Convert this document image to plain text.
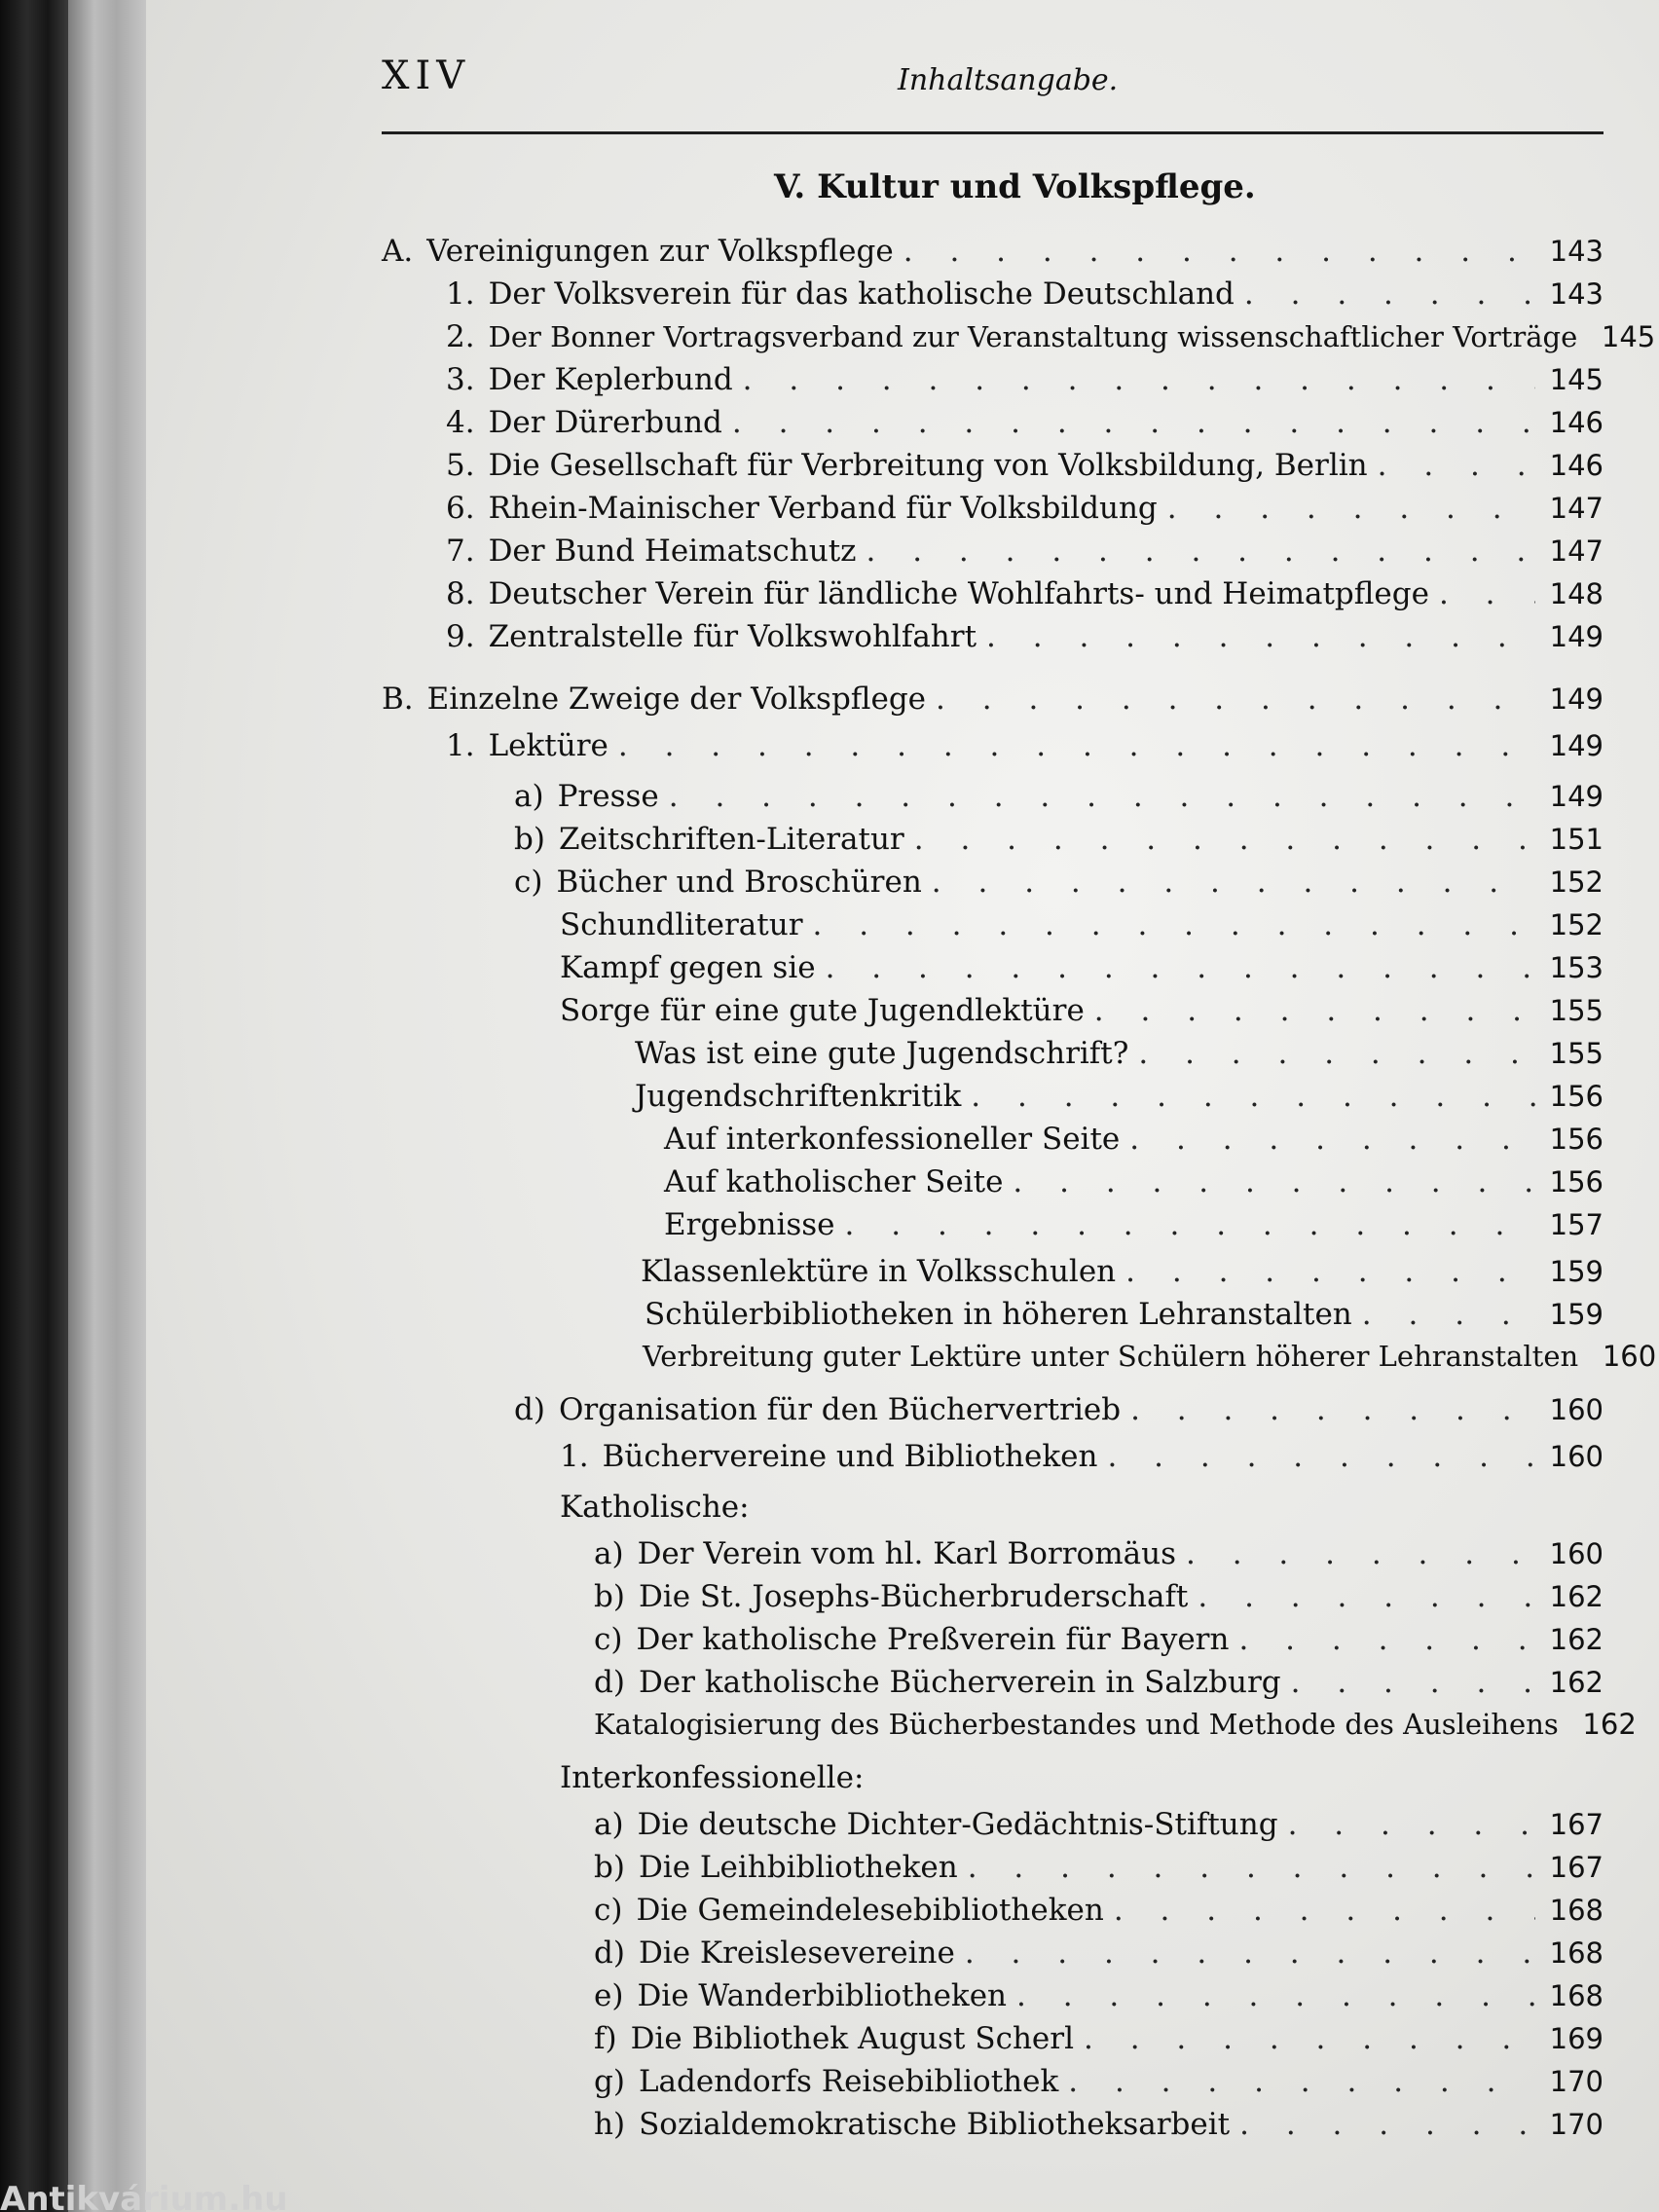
XIV	Inhaltsangabe.
V. Kultur und Volkspflege.
A. Vereinigungen zur Volkspflege . . .	143
1. Der Volksverein für das katholische Deutschland . . .	143
2. Der Bonner Vortragsverband zur Veranstaltung wissenschaftlicher Vorträge 145
3. Der Keplerbund . . .	145
4. Der Dürerbund . . .	146
5. Die Gesellschaft für Verbreitung von Volksbildung, Berlin . . .	146
6. Rhein-Mainischer Verband für Volksbildung . . .	147
7. Der Bund Heimatschutz . . .	147
8. Deutscher Verein für ländliche Wohlfahrts- und Heimatpflege . . .	148
9. Zentralstelle für Volkswohlfahrt . . .	149
B. Einzelne Zweige der Volkspflege . . .	149
1. Lektüre . . .	149
a) Presse . . .	149
b) Zeitschriften-Literatur . . .	151
c) Bücher und Broschüren . . .	152
Schundliteratur . . .	152
Kampf gegen sie . . .	153
Sorge für eine gute Jugendlektüre . . .	155
Was ist eine gute Jugendschrift? . . .	155
Jugendschriftenkritik . . .	156
Auf interkonfessioneller Seite . . .	156
Auf katholischer Seite . . .	156
Ergebnisse . . .	157
Klassenlektüre in Volksschulen . . .	159
Schülerbibliotheken in höheren Lehranstalten . . .	159
Verbreitung guter Lektüre unter Schülern höherer Lehranstalten 160
d) Organisation für den Büchervertrieb . . .	160
1. Büchervereine und Bibliotheken . . .	160
Katholische:
a) Der Verein vom hl. Karl Borromäus . . .	160
b) Die St. Josephs-Bücherbruderschaft . . .	162
c) Der katholische Preßverein für Bayern . . .	162
d) Der katholische Bücherverein in Salzburg . . .	162
Katalogisierung des Bücherbestandes und Methode des Ausleihens 162
Interkonfessionelle:
a) Die deutsche Dichter-Gedächtnis-Stiftung . . .	167
b) Die Leihbibliotheken . . .	167
c) Die Gemeindelesebibliotheken . . .	168
d) Die Kreislesevereine . . .	168
e) Die Wanderbibliotheken . . .	168
f) Die Bibliothek August Scherl . . .	169
g) Ladendorfs Reisebibliothek . . .	170
h) Sozialdemokratische Bibliotheksarbeit . . .	170
Antikvárium.hu
